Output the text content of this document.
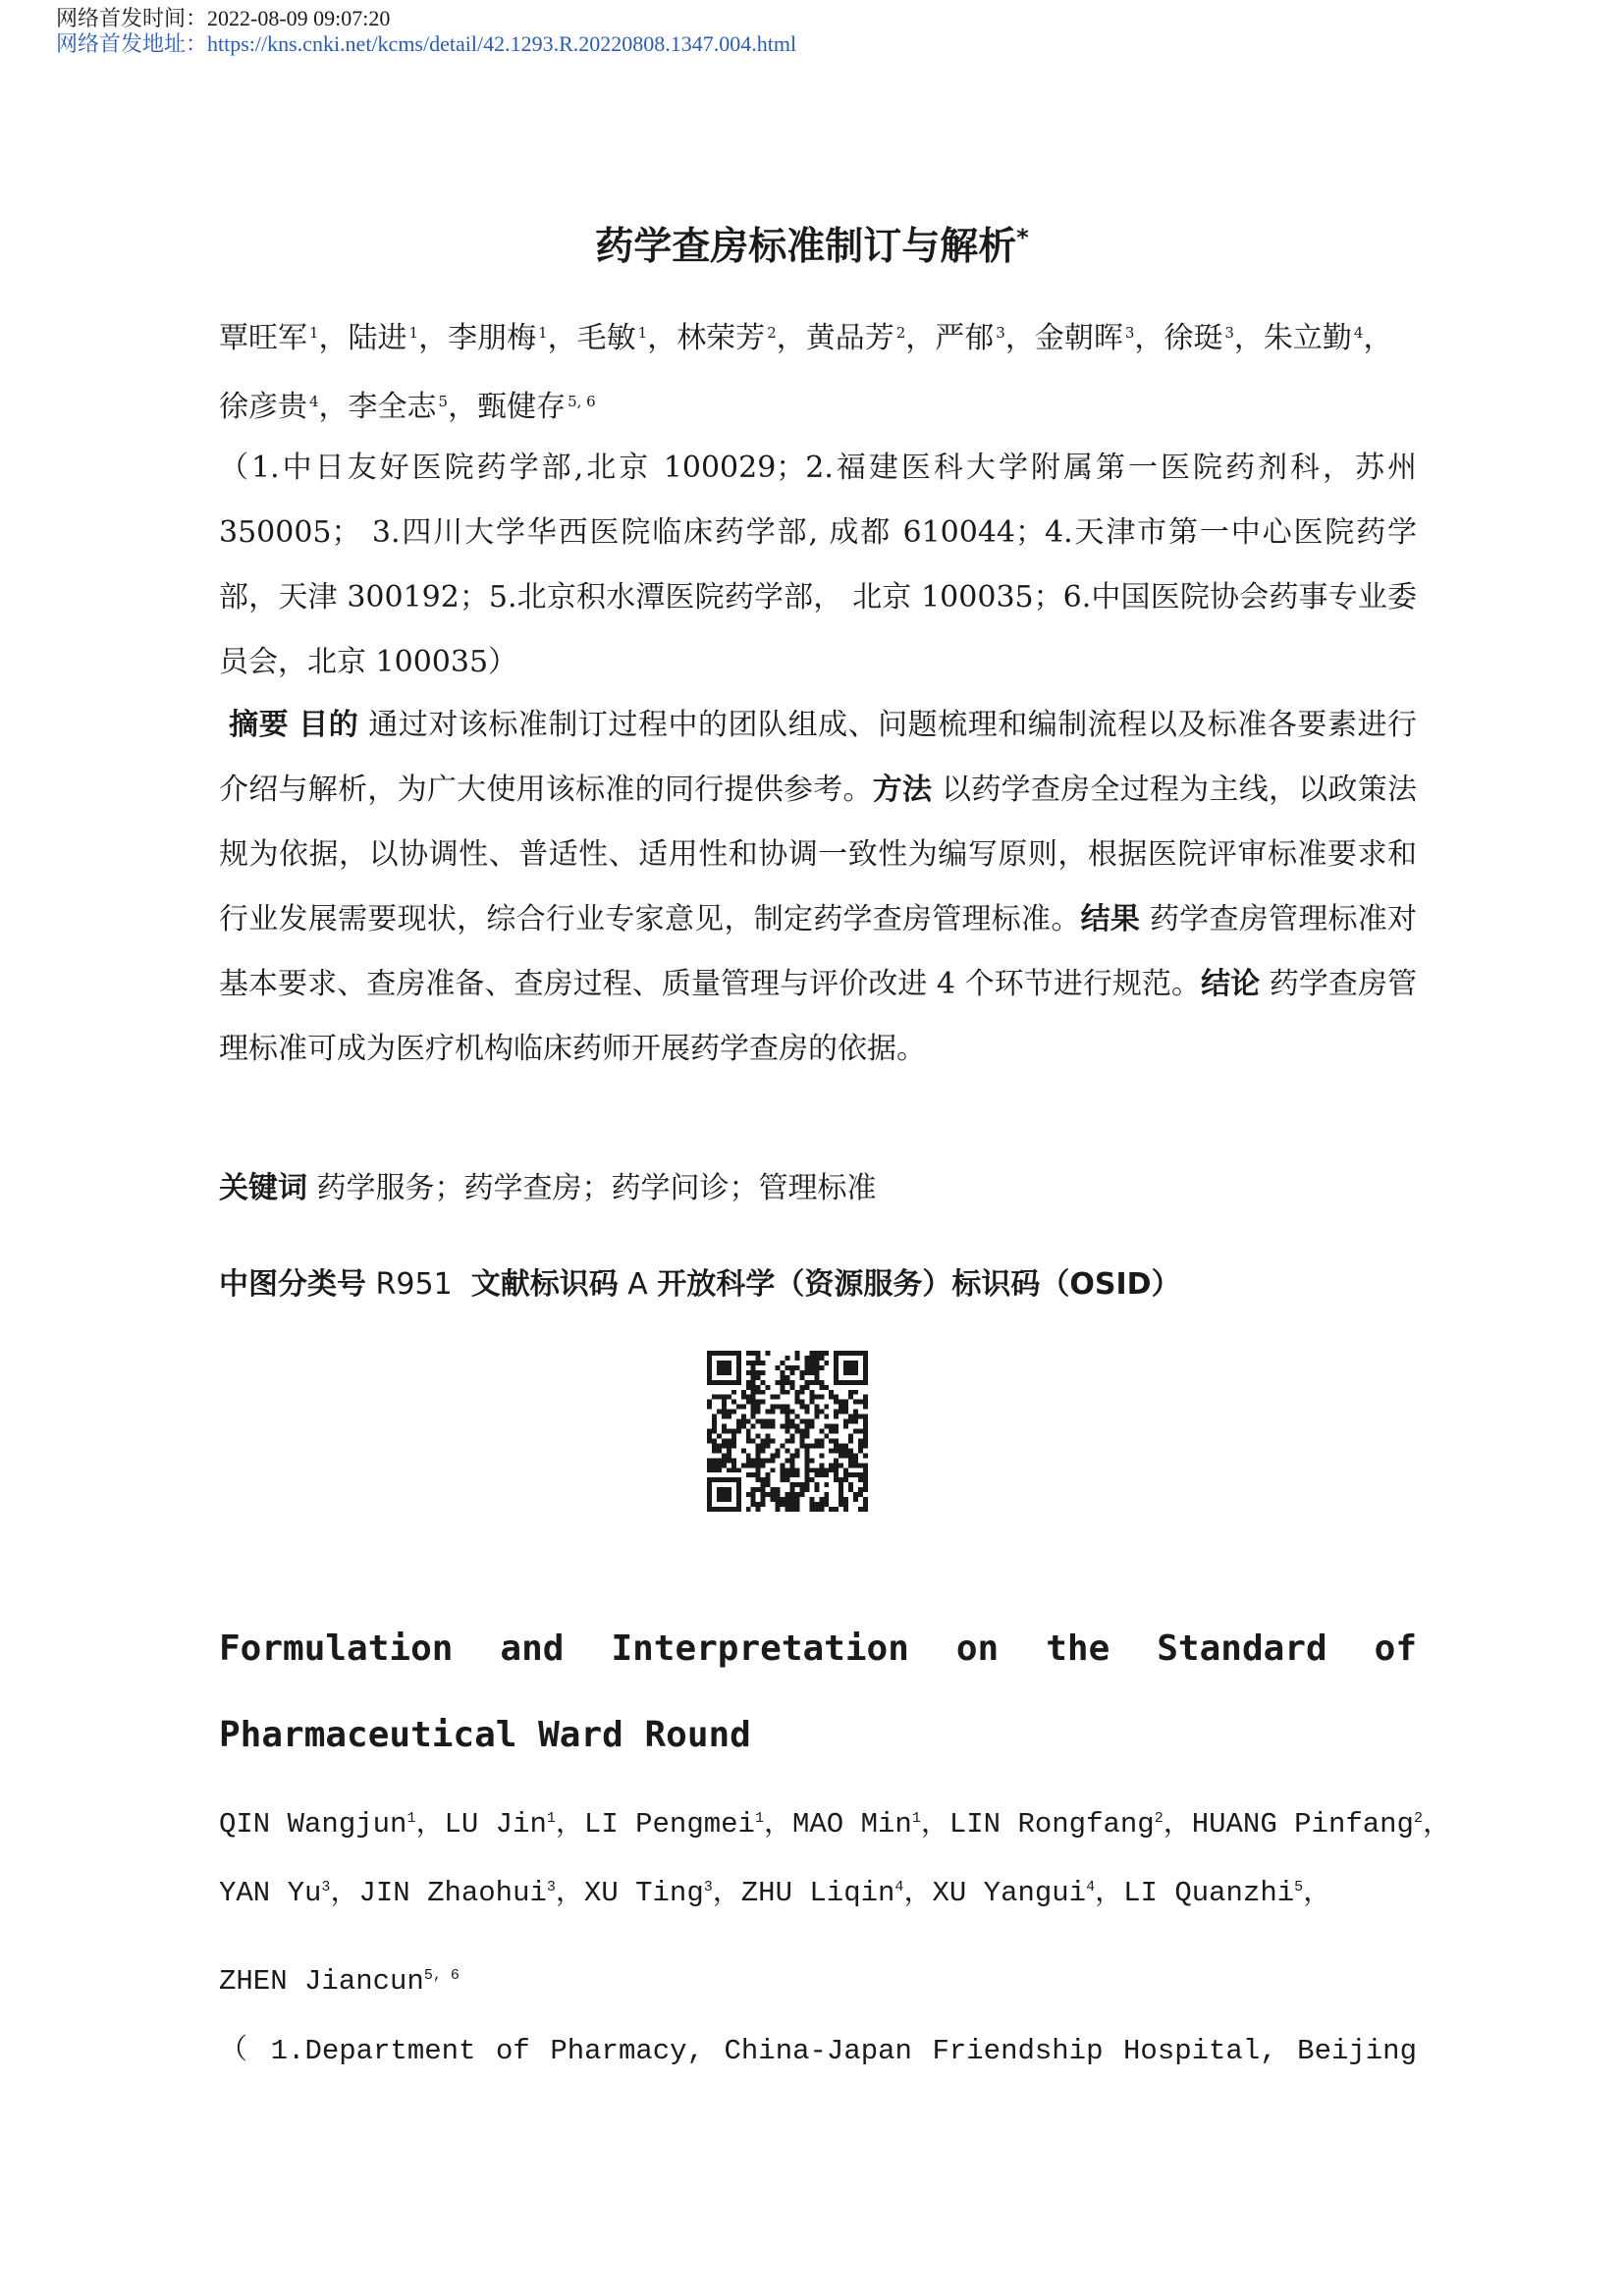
网络首发时间：2022-08-09 09:07:20
网络首发地址：https://kns.cnki.net/kcms/detail/42.1293.R.20220808.1347.004.html
药学查房标准制订与解析*
覃旺军 $^1$，陆进 $^1$，李朋梅 $^1$，毛敏 $^1$，林荣芳 $^2$，黄品芳 $^2$，严郁 $^3$，金朝晖 $^3$，徐珽 $^3$，朱立勤 $^4$，徐彦贵 $^4$，李全志 $^5$，甄健存 $^{5, 6}$
（1.中日友好医院药学部,北京 100029；2.福建医科大学附属第一医院药剂科，苏州 350005； 3.四川大学华西医院临床药学部, 成都 610044；4.天津市第一中心医院药学部，天津 300192；5.北京积水潭医院药学部， 北京 100035；6.中国医院协会药事专业委员会，北京 100035）
摘要 目的 通过对该标准制订过程中的团队组成、问题梳理和编制流程以及标准各要素进行介绍与解析，为广大使用该标准的同行提供参考。方法 以药学查房全过程为主线，以政策法规为依据，以协调性、普适性、适用性和协调一致性为编写原则，根据医院评审标准要求和行业发展需要现状，综合行业专家意见，制定药学查房管理标准。结果 药学查房管理标准对基本要求、查房准备、查房过程、质量管理与评价改进 4 个环节进行规范。结论 药学查房管理标准可成为医疗机构临床药师开展药学查房的依据。
关键词 药学服务；药学查房；药学问诊；管理标准
中图分类号 R951 文献标识码 A 开放科学（资源服务）标识码（OSID）
Formulation and Interpretation on the Standard of
Pharmaceutical Ward Round
QIN Wangjun$^1$，LU Jin$^1$，LI Pengmei$^1$，MAO Min$^1$，LIN Rongfang$^2$，HUANG Pinfang$^2$，
YAN Yu$^3$，JIN Zhaohui$^3$，XU Ting$^3$，ZHU Liqin$^4$，XU Yangui$^4$，LI Quanzhi$^5$，
ZHEN Jiancun$^{5, 6}$
（ 1.Department of Pharmacy, China-Japan Friendship Hospital, Beijing
